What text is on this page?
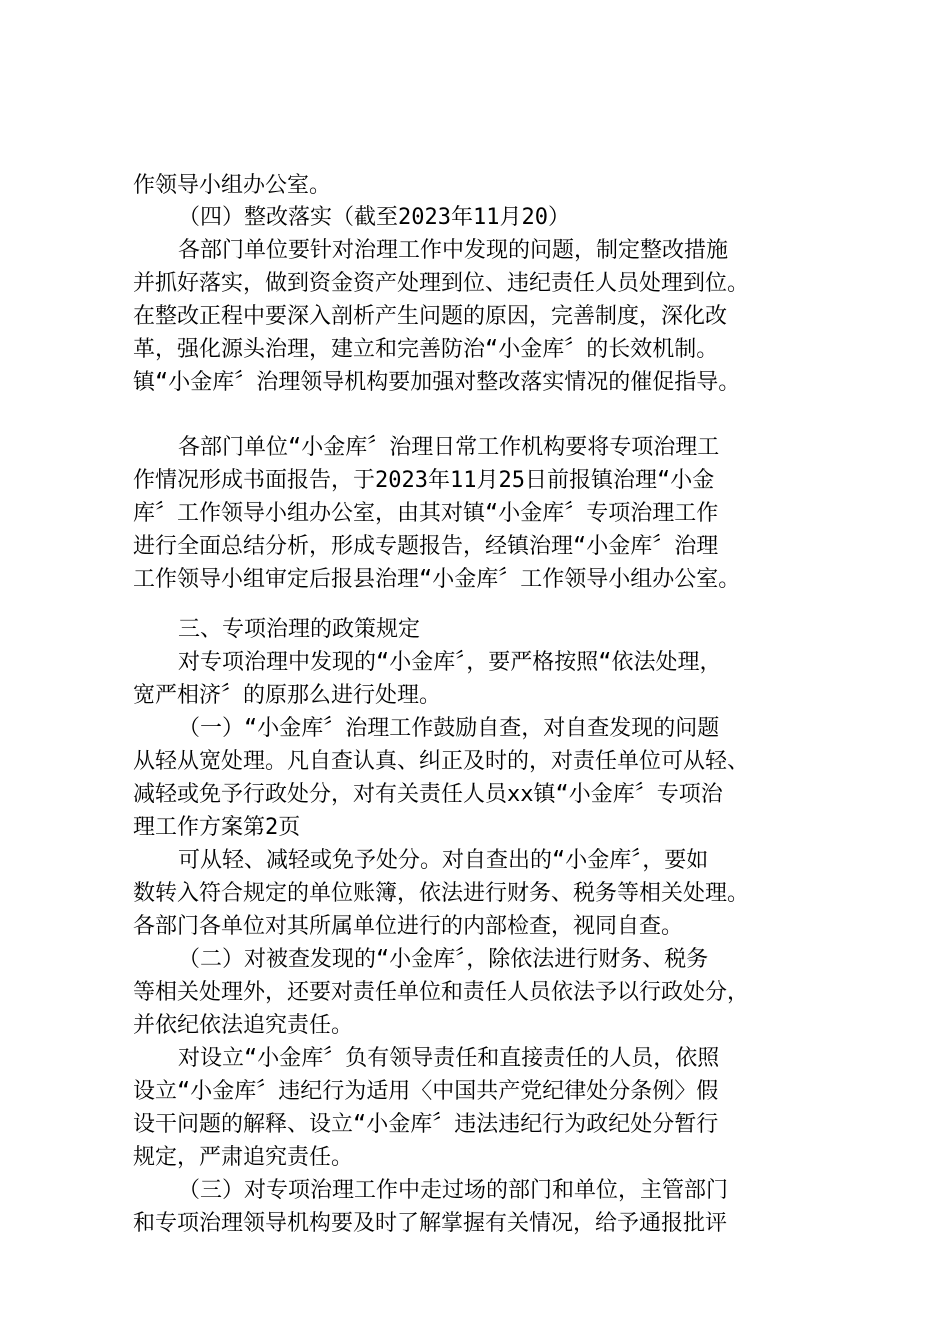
作领导小组办公室。

（四）整改落实（截至2023年11月20）

各部门单位要针对治理工作中发现的问题，制定整改措施

并抓好落实，做到资金资产处理到位、违纪责任人员处理到位。

在整改正程中要深入剖析产生问题的原因，完善制度，深化改

革，强化源头治理，建立和完善防治“小金库〞的长效机制。

镇“小金库〞治理领导机构要加强对整改落实情况的催促指导。

各部门单位“小金库〞治理日常工作机构要将专项治理工

作情况形成书面报告，于2023年11月25日前报镇治理“小金

库〞工作领导小组办公室，由其对镇“小金库〞专项治理工作

进行全面总结分析，形成专题报告，经镇治理“小金库〞治理

工作领导小组审定后报县治理“小金库〞工作领导小组办公室。

三、专项治理的政策规定

对专项治理中发现的“小金库〞，要严格按照“依法处理，

宽严相济〞的原那么进行处理。

（一）“小金库〞治理工作鼓励自查，对自查发现的问题

从轻从宽处理。凡自查认真、纠正及时的，对责任单位可从轻、

减轻或免予行政处分，对有关责任人员xx镇“小金库〞专项治

理工作方案第2页

可从轻、减轻或免予处分。对自查出的“小金库〞，要如

数转入符合规定的单位账簿，依法进行财务、税务等相关处理。

各部门各单位对其所属单位进行的内部检查，视同自查。

（二）对被查发现的“小金库〞，除依法进行财务、税务

等相关处理外，还要对责任单位和责任人员依法予以行政处分，

并依纪依法追究责任。

对设立“小金库〞负有领导责任和直接责任的人员，依照

设立“小金库〞违纪行为适用〈中国共产党纪律处分条例〉假

设干问题的解释、设立“小金库〞违法违纪行为政纪处分暂行

规定，严肃追究责任。

（三）对专项治理工作中走过场的部门和单位，主管部门

和专项治理领导机构要及时了解掌握有关情况，给予通报批评
